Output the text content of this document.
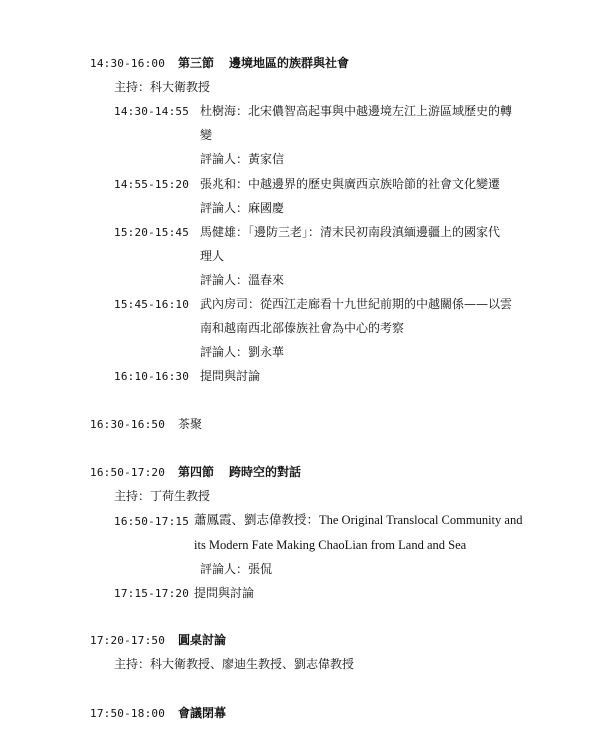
14:30-16:00 第三節 邊境地區的族群與社會
主持：科大衛教授
14:30-14:55 杜樹海：北宋儂智高起事與中越邊境左江上游區域歷史的轉
變
評論人：黃家信
14:55-15:20 張兆和：中越邊界的歷史與廣西京族哈節的社會文化變遷
評論人：麻國慶
15:20-15:45 馬健雄：「邊防三老」：清末民初南段滇緬邊疆上的國家代
理人
評論人：溫春來
15:45-16:10 武內房司：從西江走廊看十九世紀前期的中越關係——以雲
南和越南西北部傣族社會為中心的考察
評論人：劉永華
16:10-16:30 提問與討論
16:30-16:50 茶聚
16:50-17:20 第四節 跨時空的對話
主持：丁荷生教授
16:50-17:15 蕭鳳霞、劉志偉教授：The Original Translocal Community and
its Modern Fate Making ChaoLian from Land and Sea
評論人：張侃
17:15-17:20 提問與討論
17:20-17:50 圓桌討論
主持：科大衛教授、廖迪生教授、劉志偉教授
17:50-18:00 會議閉幕
